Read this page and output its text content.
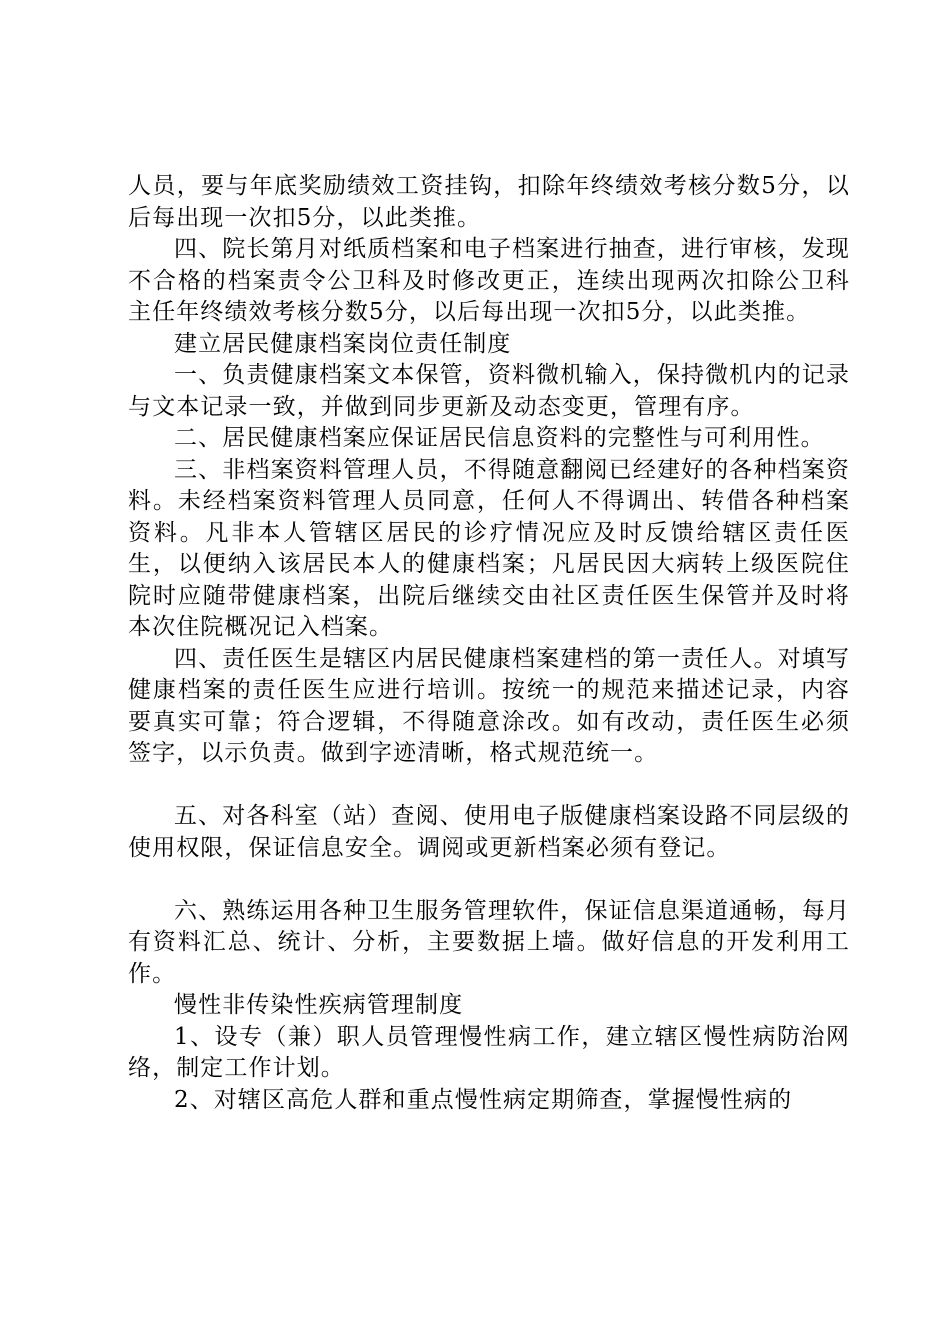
人员，要与年底奖励绩效工资挂钩，扣除年终绩效考核分数5分，以后每出现一次扣5分，以此类推。

四、院长第月对纸质档案和电子档案进行抽查，进行审核，发现不合格的档案责令公卫科及时修改更正，连续出现两次扣除公卫科主任年终绩效考核分数5分，以后每出现一次扣5分，以此类推。

建立居民健康档案岗位责任制度

一、负责健康档案文本保管，资料微机输入，保持微机内的记录与文本记录一致，并做到同步更新及动态变更，管理有序。

二、居民健康档案应保证居民信息资料的完整性与可利用性。

三、非档案资料管理人员，不得随意翻阅已经建好的各种档案资料。未经档案资料管理人员同意，任何人不得调出、转借各种档案资料。凡非本人管辖区居民的诊疗情况应及时反馈给辖区责任医生，以便纳入该居民本人的健康档案；凡居民因大病转上级医院住院时应随带健康档案，出院后继续交由社区责任医生保管并及时将本次住院概况记入档案。

四、责任医生是辖区内居民健康档案建档的第一责任人。对填写健康档案的责任医生应进行培训。按统一的规范来描述记录，内容要真实可靠；符合逻辑，不得随意涂改。如有改动，责任医生必须签字，以示负责。做到字迹清晰，格式规范统一。

五、对各科室（站）查阅、使用电子版健康档案设路不同层级的使用权限，保证信息安全。调阅或更新档案必须有登记。

六、熟练运用各种卫生服务管理软件，保证信息渠道通畅，每月有资料汇总、统计、分析，主要数据上墙。做好信息的开发利用工作。

慢性非传染性疾病管理制度

1、设专（兼）职人员管理慢性病工作，建立辖区慢性病防治网络，制定工作计划。

2、对辖区高危人群和重点慢性病定期筛查，掌握慢性病的
